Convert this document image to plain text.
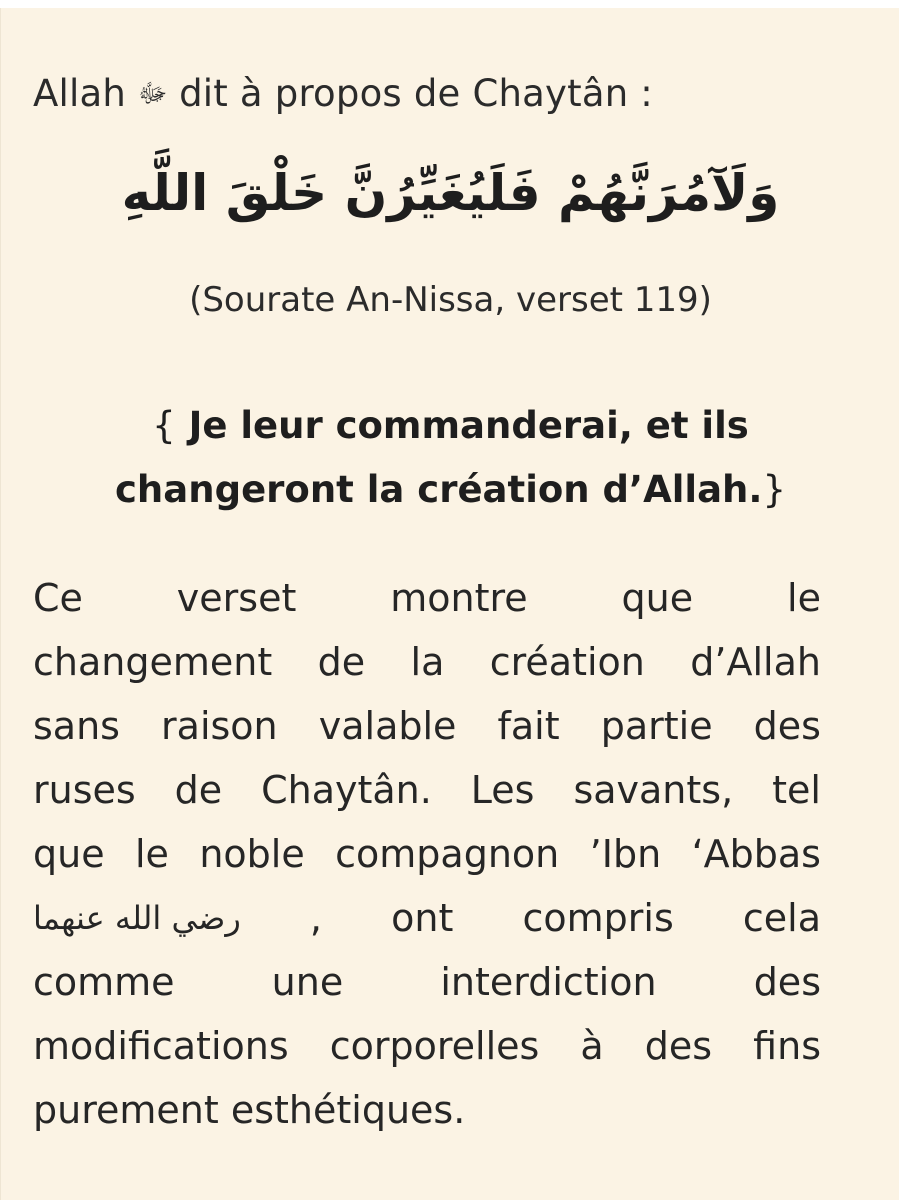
Allah ﷻ dit à propos de Chaytân :
وَلَآمُرَنَّهُمْ فَلَيُغَيِّرُنَّ خَلْقَ اللَّهِ
(Sourate An-Nissa, verset 119)
{ Je leur commanderai, et ils
changeront la création d’Allah.}
Ce verset montre que le
changement de la création d’Allah
sans raison valable fait partie des
ruses de Chaytân. Les savants, tel
que le noble compagnon ’Ibn ‘Abbas
رضي الله عنهما , ont compris cela
comme	une	interdiction	des
modifications corporelles à des fins
purement esthétiques.
